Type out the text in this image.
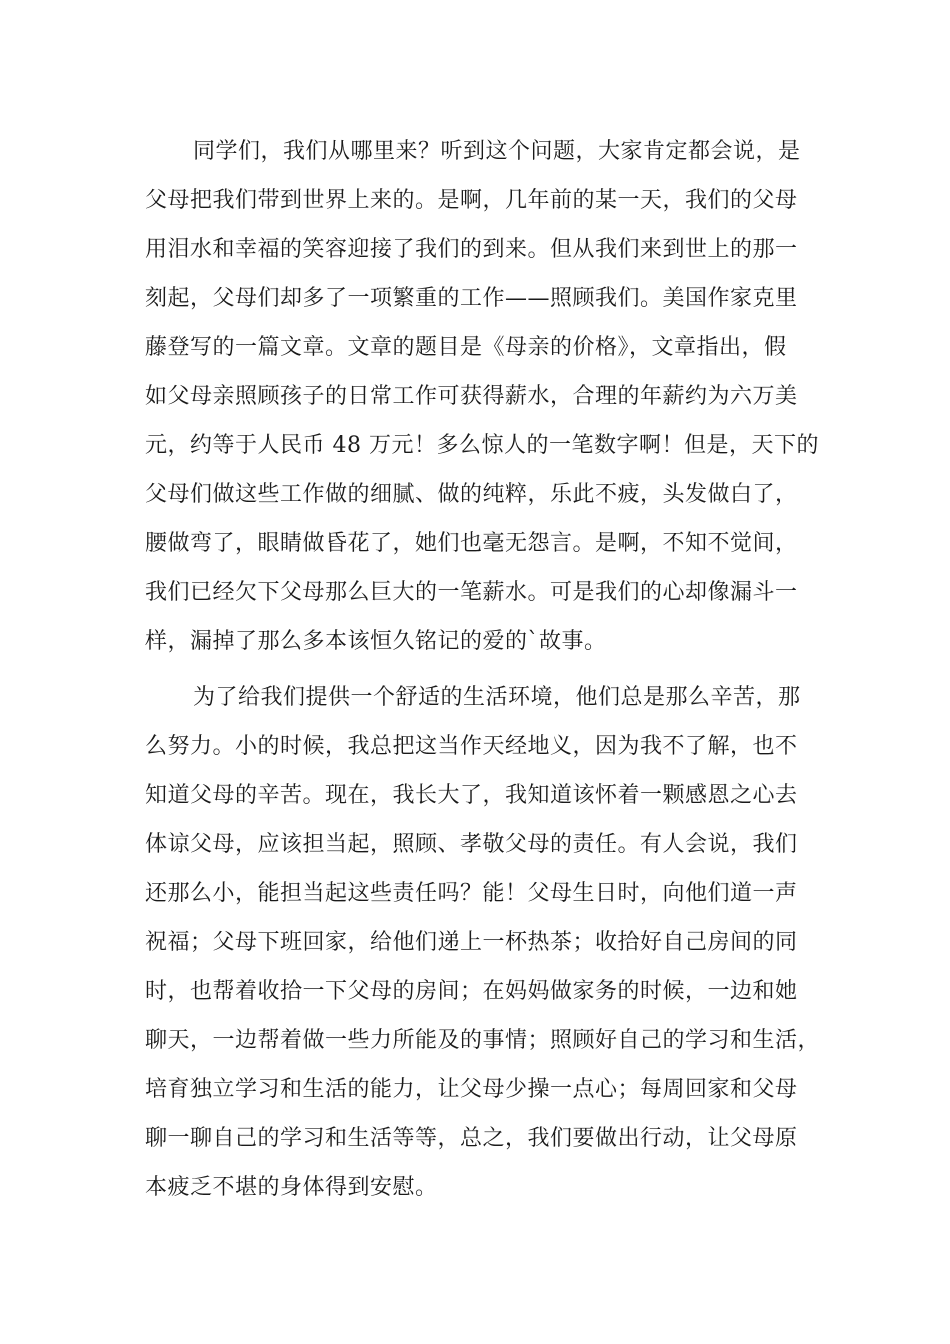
同学们，我们从哪里来？听到这个问题，大家肯定都会说，是
父母把我们带到世界上来的。是啊，几年前的某一天，我们的父母
用泪水和幸福的笑容迎接了我们的到来。但从我们来到世上的那一
刻起，父母们却多了一项繁重的工作——照顾我们。美国作家克里
藤登写的一篇文章。文章的题目是《母亲的价格》，文章指出，假
如父母亲照顾孩子的日常工作可获得薪水，合理的年薪约为六万美
元，约等于人民币 48 万元！多么惊人的一笔数字啊！但是，天下的
父母们做这些工作做的细腻、做的纯粹，乐此不疲，头发做白了，
腰做弯了，眼睛做昏花了，她们也毫无怨言。是啊，不知不觉间，
我们已经欠下父母那么巨大的一笔薪水。可是我们的心却像漏斗一
样，漏掉了那么多本该恒久铭记的爱的`故事。
为了给我们提供一个舒适的生活环境，他们总是那么辛苦，那
么努力。小的时候，我总把这当作天经地义，因为我不了解，也不
知道父母的辛苦。现在，我长大了，我知道该怀着一颗感恩之心去
体谅父母，应该担当起，照顾、孝敬父母的责任。有人会说，我们
还那么小，能担当起这些责任吗？能！父母生日时，向他们道一声
祝福；父母下班回家，给他们递上一杯热茶；收拾好自己房间的同
时，也帮着收拾一下父母的房间；在妈妈做家务的时候，一边和她
聊天，一边帮着做一些力所能及的事情；照顾好自己的学习和生活，
培育独立学习和生活的能力，让父母少操一点心；每周回家和父母
聊一聊自己的学习和生活等等，总之，我们要做出行动，让父母原
本疲乏不堪的身体得到安慰。
